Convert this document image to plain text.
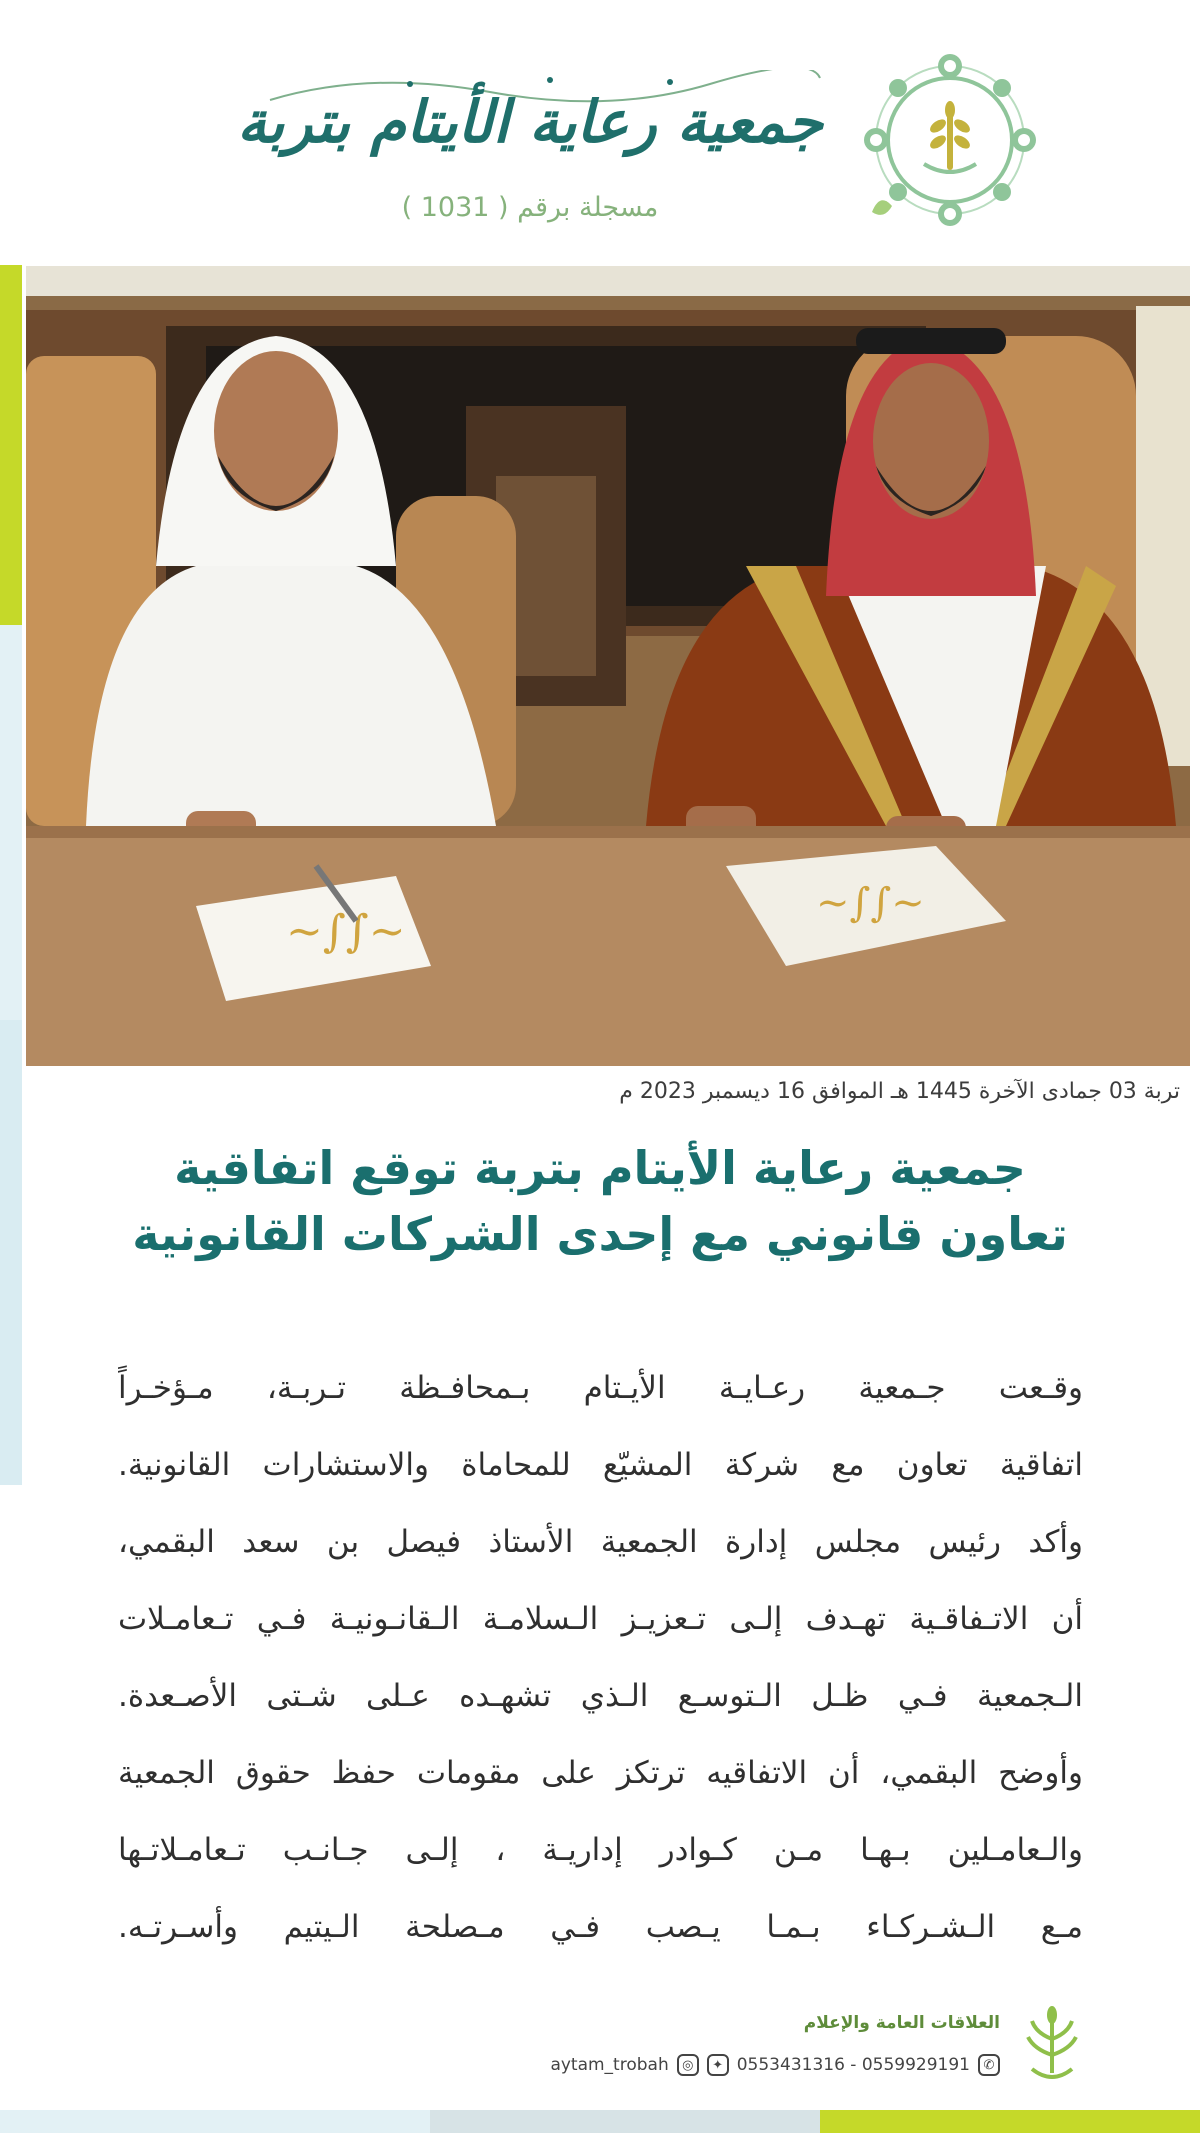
جمعية رعاية الأيتام بتربة
مسجلة برقم ( 1031 )
~∫∫~
~∫∫~
تربة 03 جمادى الآخرة 1445 هـ الموافق 16 ديسمبر 2023 م
جمعية رعاية الأيتام بتربة توقع اتفاقية
تعاون قانوني مع إحدى الشركات القانونية
وقـعت جـمعية رعـايـة الأيـتام بـمحافـظة تـربـة، مـؤخـراً
اتفاقية تعاون مع شركة المشيّع للمحاماة والاستشارات القانونية.
وأكد رئيس مجلس إدارة الجمعية الأستاذ فيصل بن سعد البقمي،
أن الاتـفاقـية تهـدف إلـى تـعزيـز الـسلامـة الـقانـونيـة فـي تـعامـلات
الـجمعية فـي ظـل الـتوسـع الـذي تشهـده عـلى شـتى الأصـعدة.
وأوضح البقمي، أن الاتفاقيه ترتكز على مقومات حفظ حقوق الجمعية
والـعامـلين بـهـا مـن كـوادر إداريـة ، إلـى جـانـب تـعامـلاتـها
مـع الـشـركـاء بـمـا يـصب فـي مـصلحة الـيتيم وأسـرتـه.
العلاقات العامة والإعلام
✆
0553431316 - 0559929191
✦
◎
aytam_trobah
